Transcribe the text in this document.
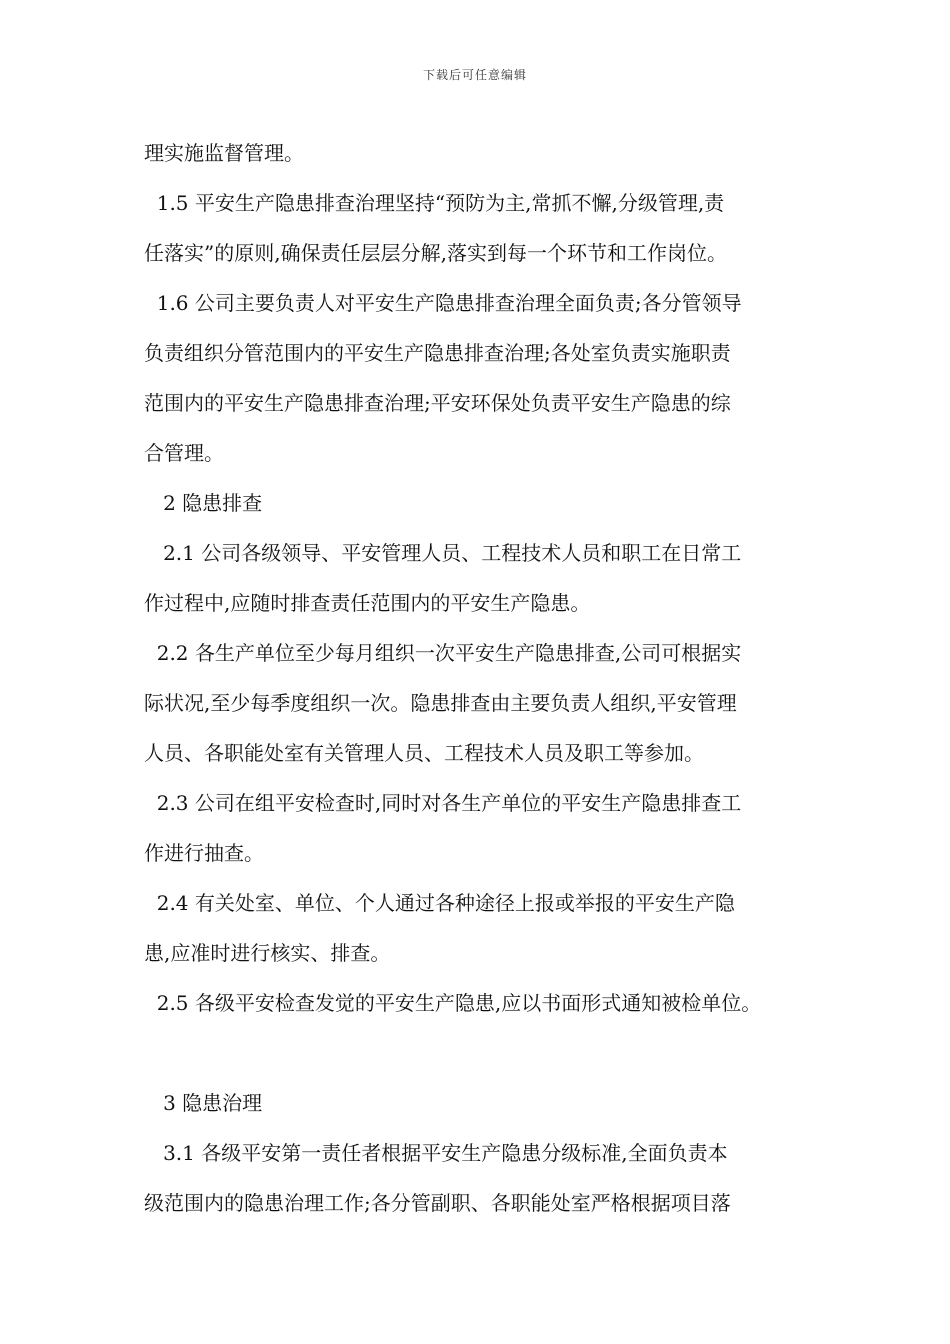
下载后可任意编辑
理实施监督管理。
1.5 平安生产隐患排查治理坚持“预防为主,常抓不懈,分级管理,责
任落实”的原则,确保责任层层分解,落实到每一个环节和工作岗位。
1.6 公司主要负责人对平安生产隐患排查治理全面负责;各分管领导
负责组织分管范围内的平安生产隐患排查治理;各处室负责实施职责
范围内的平安生产隐患排查治理;平安环保处负责平安生产隐患的综
合管理。
2 隐患排查
2.1 公司各级领导、平安管理人员、工程技术人员和职工在日常工
作过程中,应随时排查责任范围内的平安生产隐患。
2.2 各生产单位至少每月组织一次平安生产隐患排查,公司可根据实
际状况,至少每季度组织一次。隐患排查由主要负责人组织,平安管理
人员、各职能处室有关管理人员、工程技术人员及职工等参加。
2.3 公司在组平安检查时,同时对各生产单位的平安生产隐患排查工
作进行抽查。
2.4 有关处室、单位、个人通过各种途径上报或举报的平安生产隐
患,应准时进行核实、排查。
2.5 各级平安检查发觉的平安生产隐患,应以书面形式通知被检单位。
3 隐患治理
3.1 各级平安第一责任者根据平安生产隐患分级标准,全面负责本
级范围内的隐患治理工作;各分管副职、各职能处室严格根据项目落
